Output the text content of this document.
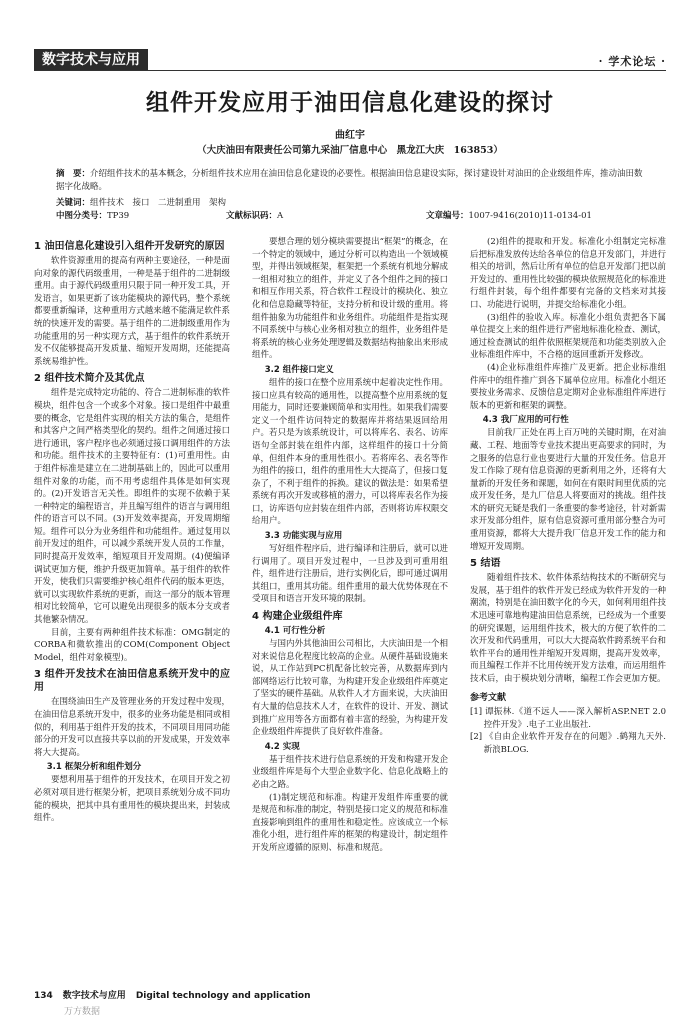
数字技术与应用	· 学术论坛 ·
组件开发应用于油田信息化建设的探讨
曲红宇
（大庆油田有限责任公司第九采油厂信息中心　黑龙江大庆　163853）
摘　要：介绍组件技术的基本概念，分析组件技术应用在油田信息化建设的必要性。根据油田信息建设实际，探讨建设针对油田的企业级组件库，推动油田数据字化战略。
关键词：组件技术　接口　二进制重用　架构
中图分类号：TP39	文献标识码：A	文章编号：1007-9416(2010)11-0134-01
1 油田信息化建设引入组件开发研究的原因

软件资源重用的提高有两种主要途径，一种是面向对象的源代码级重用，一种是基于组件的二进制级重用。由于源代码级重用只限于同一种开发工具，开发语言，如果更新了该功能模块的源代码，整个系统都要重新编译，这种重用方式越来越不能满足软件系统的快速开发的需要。基于组件的二进制级重用作为功能重用的另一种实现方式，基于组件的软件系统开发不仅能够提高开发质量、缩短开发周期，还能提高系统易维护性。

2 组件技术简介及其优点

组件是完成特定功能的、符合二进制标准的软件模块，组件包含一个或多个对象。接口是组件中最重要的概念，它是组件实现的相关方法的集合，是组件和其客户之间严格类型化的契约。组件之间通过接口进行通讯，客户程序也必须通过接口调用组件的方法和功能。组件技术的主要特征有：(1)可重用性。由于组件标准是建立在二进制基础上的，因此可以重用组件对象的功能，而不用考虑组件具体是如何实现的。(2)开发语言无关性。即组件的实现不依赖于某一种特定的编程语言，并且编写组件的语言与调用组件的语言可以不同。(3)开发效率提高，开发周期缩短。组件可以分为业务组件和功能组件。通过复用以前开发过的组件，可以减少系统开发人员的工作量，同时提高开发效率，缩短项目开发周期。(4)便编译调试更加方便，维护升级更加简单。基于组件的软件开发，使我们只需要维护核心组件代码的版本更迭，就可以实现软件系统的更新，而这一部分的版本管理相对比较简单，它可以避免出现很多的版本分支或者其他繁杂情况。

目前，主要有两种组件技术标准：OMG制定的CORBA和微软推出的COM(Component Object Model，组件对象模型)。

3 组件开发技术在油田信息系统开发中的应用

在围绕油田生产及管理业务的开发过程中发现，在油田信息系统开发中，很多的业务功能是相同或相似的，利用基于组件开发的技术，不同项目用同功能部分的开发可以直接共享以前的开发成果，开发效率将大大提高。

3.1 框架分析和组件划分

要想利用基于组件的开发技术，在项目开发之初必须对项目进行框架分析，把项目系统划分成不同功能的模块，把其中具有重用性的模块提出来，封装成组件。

要想合理的划分模块需要提出“框架”的概念，在一个特定的领域中，通过分析可以构造出一个领域模型，并得出领域框架，框架把一个系统有机地分解成一组相对独立的组件，并定义了各个组件之间的接口和相互作用关系，符合软件工程设计的模块化、独立化和信息隐藏等特征，支持分析和设计级的重用。将组件抽象为功能组件和业务组件。功能组件是指实现不同系统中与核心业务相对独立的组件，业务组件是将系统的核心业务处理逻辑及数据结构抽象出来形成组件。

3.2 组件接口定义

组件的接口在整个应用系统中起着决定性作用。接口应具有较高的通用性，以提高整个应用系统的复用能力，同时还要兼顾简单和实用性。如果我们需要定义一个组件访问特定的数据库并将结果返回给用户。若只是为该系统设计，可以将库名、表名、访库语句全部封装在组件内部，这样组件的接口十分简单，但组件本身的重用性很小。若将库名、表名等作为组件的接口，组件的重用性大大提高了，但接口复杂了，不利于组件的拆换。建议的做法是：如果希望系统有再次开发或移植的潜力，可以将库表名作为接口，访库语句应封装在组件内部，否则将访库权限交给用户。

3.3 功能实现与应用

写好组件程序后，进行编译和注册后，就可以进行调用了。项目开发过程中，一旦涉及到可重用组件，组件进行注册后，进行实例化后，即可通过调用其组口，重用其功能。组件重用的最大优势体现在不受项目和语言开发环境的限制。

4 构建企业级组件库
4.1 可行性分析

与国内外其他油田公司相比，大庆油田是一个相对来说信息化程度比较高的企业。从硬件基础设施来说，从工作站到PC机配备比较完善，从数据库到内部网络运行比较可靠，为构建开发企业级组件库奠定了坚实的硬件基础。从软件人才方面来说，大庆油田有大量的信息技术人才，在软件的设计、开发、测试到推广应用等各方面都有着丰富的经验，为构建开发企业级组件库提供了良好软件准备。

4.2 实现

基于组件技术进行信息系统的开发和构建开发企业级组件库是每个大型企业数字化、信息化战略上的必由之路。

(1)制定规范和标准。构建开发组件库重要的就是规范和标准的制定，特别是接口定义的规范和标准直接影响到组件的重用性和稳定性。应该成立一个标准化小组，进行组件库的框架的构建设计，制定组件开发所应遵循的原则、标准和规范。

(2)组件的提取和开发。标准化小组制定完标准后把标准发放传达给各单位的信息开发部门，并进行相关的培训，然后让所有单位的信息开发部门把以前开发过的、重用性比较强的模块依照规范化的标准进行组件封装，每个组件都要有完备的文档来对其接口、功能进行说明，并提交给标准化小组。

(3)组件的验收入库。标准化小组负责把各下属单位提交上来的组件进行严密地标准化检查、测试，通过检查测试的组件依照框架规范和功能类别放入企业标准组件库中，不合格的返回重新开发修改。

(4)企业标准组件库推广及更新。把企业标准组件库中的组件推广到各下属单位应用。标准化小组还要按业务需求、反馈信息定期对企业标准组件库进行版本的更新和框架的调整。

4.3 我厂应用的可行性

目前我厂正处在再上百万吨的关键时期，在对油藏、工程、地面等专业技术提出更高要求的同时，为之服务的信息行业也要进行大量的开发任务。信息开发工作除了现有信息资源的更新利用之外，还将有大量新的开发任务和课题，如何在有限时间里优质的完成开发任务，是九厂信息人将要面对的挑战。组件技术的研究无疑是我们一条重要的参考途径，针对新需求开发部分组件，原有信息资源可重用部分整合为可重用资源，都将大大提升我厂信息开发工作的能力和增短开发周期。

5 结语

随着组件技术、软件体系结构技术的不断研究与发展，基于组件的软件开发已经成为软件开发的一种潮流，特别是在油田数字化的今天，如何利用组件技术迅速可靠地构建油田信息系统，已经成为一个重要的研究课题，运用组件技术，极大的方便了软件的二次开发和代码重用，可以大大提高软件跨系统平台和软件平台的通用性并缩短开发周期，提高开发效率，而且编程工作并不比用传统开发方法难，而运用组件技术后，由于模块划分清晰，编程工作会更加方便。

参考文献

[1] 谭振林.《道不远人——深入解析ASP.NET 2.0控件开发》.电子工业出版社.

[2] 《自由企业软件开发存在的问题》.鹤翔九天外.新浪BLOG.

134 数字技术与应用 Digital technology and application
万方数据
